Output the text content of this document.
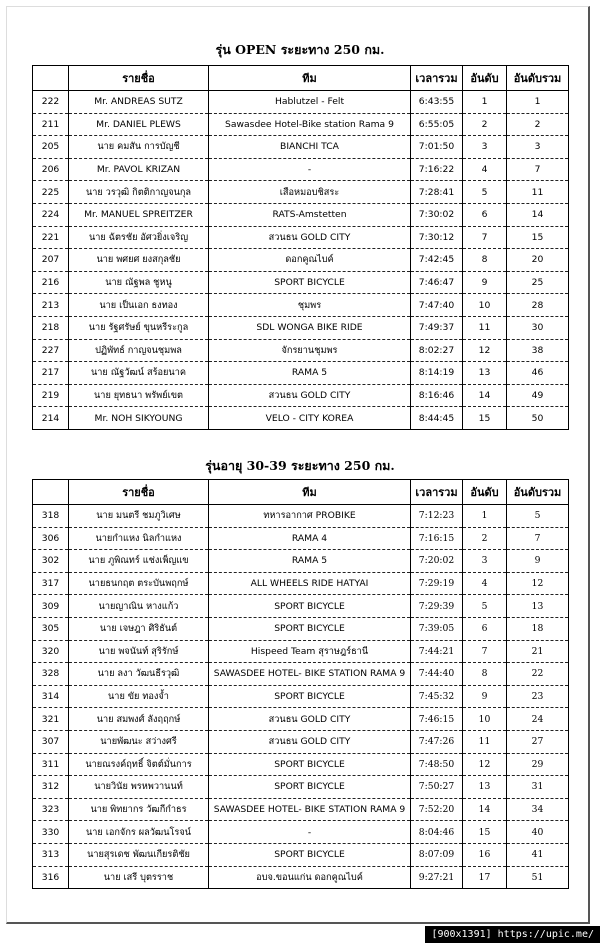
รุ่น OPEN ระยะทาง 250 กม.
	รายชื่อ	ทีม	เวลารวม	อันดับ	อันดับรวม
222	Mr. ANDREAS SUTZ	Hablutzel - Felt	6:43:55	1	1
211	Mr. DANIEL PLEWS	Sawasdee Hotel-Bike station Rama 9	6:55:05	2	2
205	นาย คมสัน การบัญชี	BIANCHI TCA	7:01:50	3	3
206	Mr. PAVOL KRIZAN	-	7:16:22	4	7
225	นาย วรวุฒิ กิตติกาญจนกุล	เสือหมอบชิสระ	7:28:41	5	11
224	Mr. MANUEL SPREITZER	RATS-Amstetten	7:30:02	6	14
221	นาย ฉัตรชัย อัศวยิ่งเจริญ	สวนธน GOLD CITY	7:30:12	7	15
207	นาย พศยศ ยงสกุลชัย	ดอกคูณไบค์	7:42:45	8	20
216	นาย ณัฐพล ชูหนู	SPORT BICYCLE	7:46:47	9	25
213	นาย เป็นเอก ธงทอง	ชุมพร	7:47:40	10	28
218	นาย รัฐศรัษย์ ขุนหรีระกูล	SDL WONGA BIKE RIDE	7:49:37	11	30
227	ปฏิพัทธ์ กาญจนชุมพล	จักรยานชุมพร	8:02:27	12	38
217	นาย ณัฐวัฒน์ สร้อยนาค	RAMA 5	8:14:19	13	46
219	นาย ยุทธนา พรัพย์เขต	สวนธน GOLD CITY	8:16:46	14	49
214	Mr. NOH SIKYOUNG	VELO - CITY KOREA	8:44:45	15	50
รุ่นอายุ 30-39 ระยะทาง 250 กม.
	รายชื่อ	ทีม	เวลารวม	อันดับ	อันดับรวม
318	นาย มนตรี ชมภูวิเศษ	ทหารอากาศ PROBIKE	7:12:23	1	5
306	นายกำแหง นิลกำแหง	RAMA 4	7:16:15	2	7
302	นาย ภูพิณทร์ แช่งเพ็ญแข	RAMA 5	7:20:02	3	9
317	นายธนกฤต ตระบันพฤกษ์	ALL WHEELS RIDE HATYAI	7:29:19	4	12
309	นายญาณิน หางแก้ว	SPORT BICYCLE	7:29:39	5	13
305	นาย เจษฎา ศิริธันต์	SPORT BICYCLE	7:39:05	6	18
320	นาย พจนันท์ สุริรักษ์	Hispeed Team สุราษฎร์ธานี	7:44:21	7	21
328	นาย ลงา วัฒนธีรวุฒิ	SAWASDEE HOTEL- BIKE STATION RAMA 9	7:44:40	8	22
314	นาย ขัย ทองจ้ำ	SPORT BICYCLE	7:45:32	9	23
321	นาย สมพงศ์ ลังฤฤกษ์	สวนธน GOLD CITY	7:46:15	10	24
307	นายพัฒนะ สว่างศรี	สวนธน GOLD CITY	7:47:26	11	27
311	นายณรงค์ฤทธิ์ จิตต์มั่นการ	SPORT BICYCLE	7:48:50	12	29
312	นายวินัย พรหพวานนท์	SPORT BICYCLE	7:50:27	13	31
323	นาย พิทยากร วัฒกีกำธร	SAWASDEE HOTEL- BIKE STATION RAMA 9	7:52:20	14	34
330	นาย เอกจักร ผลวัฒนโรจน์	-	8:04:46	15	40
313	นายสุรเดช พัฒนเกียรติชัย	SPORT BICYCLE	8:07:09	16	41
316	นาย เสรี บุตรราช	อบจ.ขอนแก่น ดอกคูณไบค์	9:27:21	17	51
[900x1391] https://upic.me/
